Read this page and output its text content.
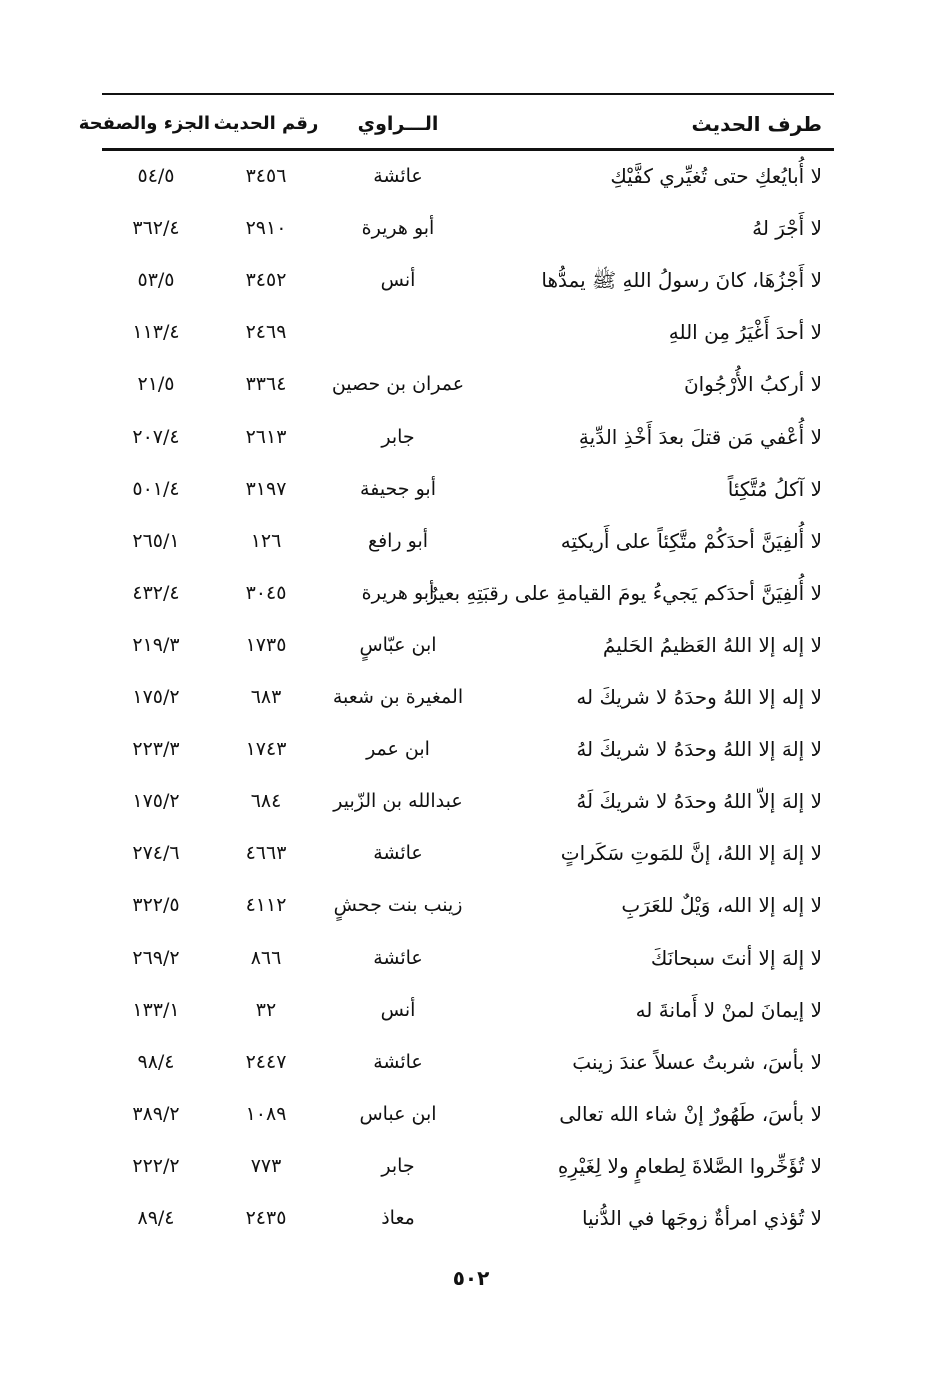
طرف الحديث
الـــراوي
رقم الحديث
الجزء والصفحة
لا أُبايُعكِ حتى تُغيِّري كفَّيْكِ
عائشة
٣٤٥٦
٥٤/٥
لا أَجْرَ لهُ
أبو هريرة
٢٩١٠
٣٦٢/٤
لا أَجْزُهَا، كانَ رسولُ اللهِ ﷺ يمدُّها
أنس
٣٤٥٢
٥٣/٥
لا أحدَ أَغْيَرُ مِن اللهِ
٢٤٦٩
١١٣/٤
لا أركبُ الأُرْجُوانَ
عمران بن حصين
٣٣٦٤
٢١/٥
لا أُعْفي مَن قتلَ بعدَ أَخْذِ الدِّيةِ
جابر
٢٦١٣
٢٠٧/٤
لا آكلُ مُتَّكِئاً
أبو جحيفة
٣١٩٧
٥٠١/٤
لا أُلفِيَنَّ أحدَكُمْ متَّكِئاً على أَريكتِه
أبو رافع
١٢٦
٢٦٥/١
لا أُلفِيَنَّ أحدَكم يَجيءُ يومَ القيامةِ على رقبَتِهِ بعيرٌ
أبو هريرة
٣٠٤٥
٤٣٢/٤
لا إله إلا اللهُ العَظيمُ الحَليمُ
ابن عبّاسٍ
١٧٣٥
٢١٩/٣
لا إله إلا اللهُ وحدَهُ لا شريكَ له
المغيرة بن شعبة
٦٨٣
١٧٥/٢
لا إلهَ إلا اللهُ وحدَهُ لا شريكَ لهُ
ابن عمر
١٧٤٣
٢٢٣/٣
لا إلهَ إلاّ اللهُ وحدَهُ لا شريكَ لَهُ
عبدالله بن الزّبير
٦٨٤
١٧٥/٢
لا إلهَ إلا اللهُ، إنَّ للمَوتِ سَكَراتٍ
عائشة
٤٦٦٣
٢٧٤/٦
لا إله إلا الله، وَيْلٌ للعَرَبِ
زينب بنت جحشٍ
٤١١٢
٣٢٢/٥
لا إلهَ إلا أنتَ سبحانَكَ
عائشة
٨٦٦
٢٦٩/٢
لا إيمانَ لمنْ لا أَمانةَ له
أنس
٣٢
١٣٣/١
لا بأسَ، شربتُ عسلاً عندَ زينبَ
عائشة
٢٤٤٧
٩٨/٤
لا بأسَ، طَهُورٌ إنْ شاء الله تعالى
ابن عباس
١٠٨٩
٣٨٩/٢
لا تُؤَخِّروا الصَّلاةَ لِطعامٍ ولا لِغَيْرِهِ
جابر
٧٧٣
٢٢٢/٢
لا تُؤذي امرأةٌ زوجَها في الدُّنيا
معاذ
٢٤٣٥
٨٩/٤
٥٠٢
